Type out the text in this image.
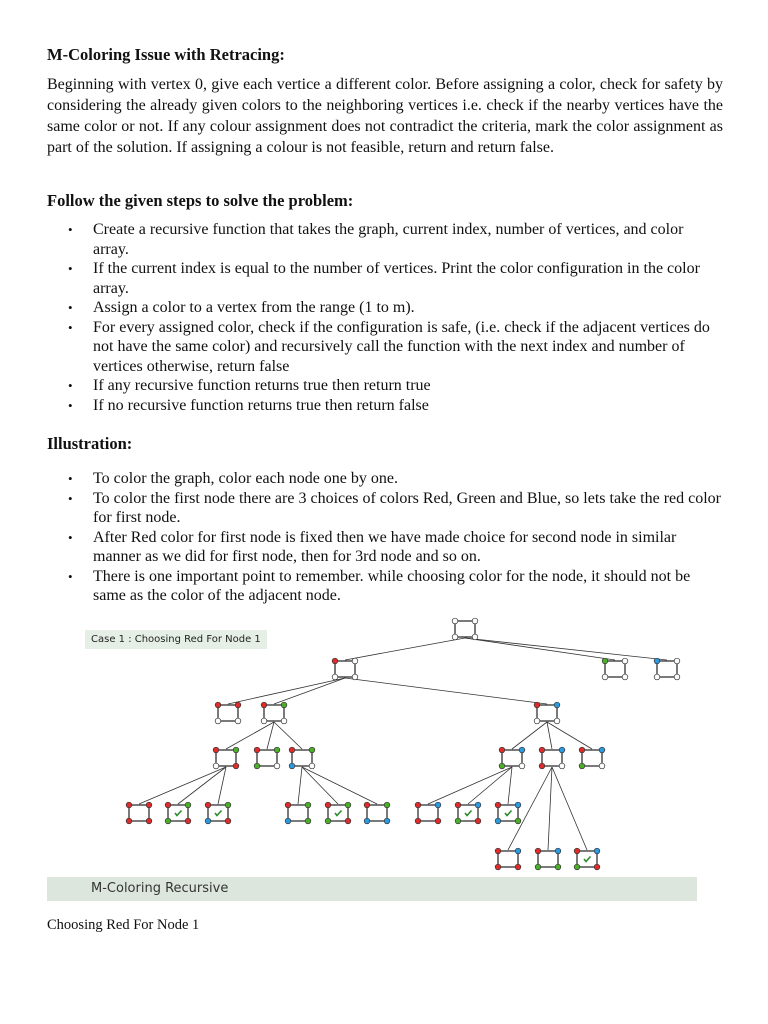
M-Coloring Issue with Retracing:

Beginning with vertex 0, give each vertice a different color. Before assigning a color, check for safety by considering the already given colors to the neighboring vertices i.e. check if the nearby vertices have the same color or not. If any colour assignment does not contradict the criteria, mark the color assignment as part of the solution. If assigning a colour is not feasible, return and return false.

Follow the given steps to solve the problem:
• Create a recursive function that takes the graph, current index, number of vertices, and color array.
• If the current index is equal to the number of vertices. Print the color configuration in the color array.
• Assign a color to a vertex from the range (1 to m).
• For every assigned color, check if the configuration is safe, (i.e. check if the adjacent vertices do not have the same color) and recursively call the function with the next index and number of vertices otherwise, return false
• If any recursive function returns true then return true
• If no recursive function returns true then return false
Illustration:
• To color the graph, color each node one by one.
• To color the first node there are 3 choices of colors Red, Green and Blue, so lets take the red color for first node.
• After Red color for first node is fixed then we have made choice for second node in similar manner as we did for first node, then for 3rd node and so on.
• There is one important point to remember. while choosing color for the node, it should not be same as the color of the adjacent node.
Case 1 : Choosing Red For Node 1
M-Coloring Recursive
Choosing Red For Node 1
